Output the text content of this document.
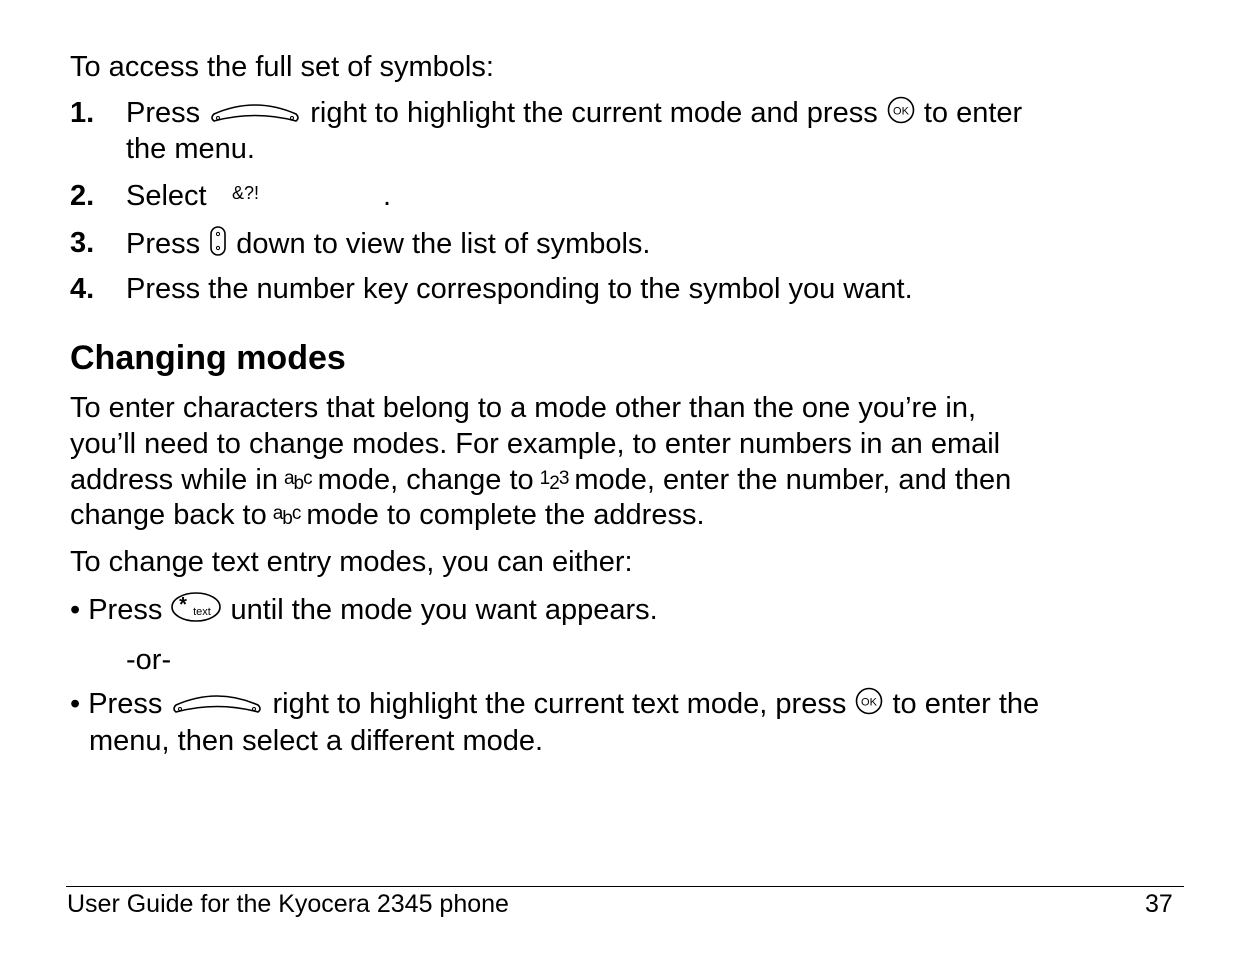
To access the full set of symbols:
1. Press	right to highlight the current mode and press OK to enter
the menu.
2. Select &?!	.
3. Press down to view the list of symbols.
4. Press the number key corresponding to the symbol you want.
Changing modes
To enter characters that belong to a mode other than the one you’re in,
you’ll need to change modes. For example, to enter numbers in an email
address while in abc mode, change to 123 mode, enter the number, and then
change back to abc mode to complete the address.
To change text entry modes, you can either:
• Press * text until the mode you want appears.
-or-
• Press	right to highlight the current text mode, press OK to enter the
menu, then select a different mode.
User Guide for the Kyocera 2345 phone	37
